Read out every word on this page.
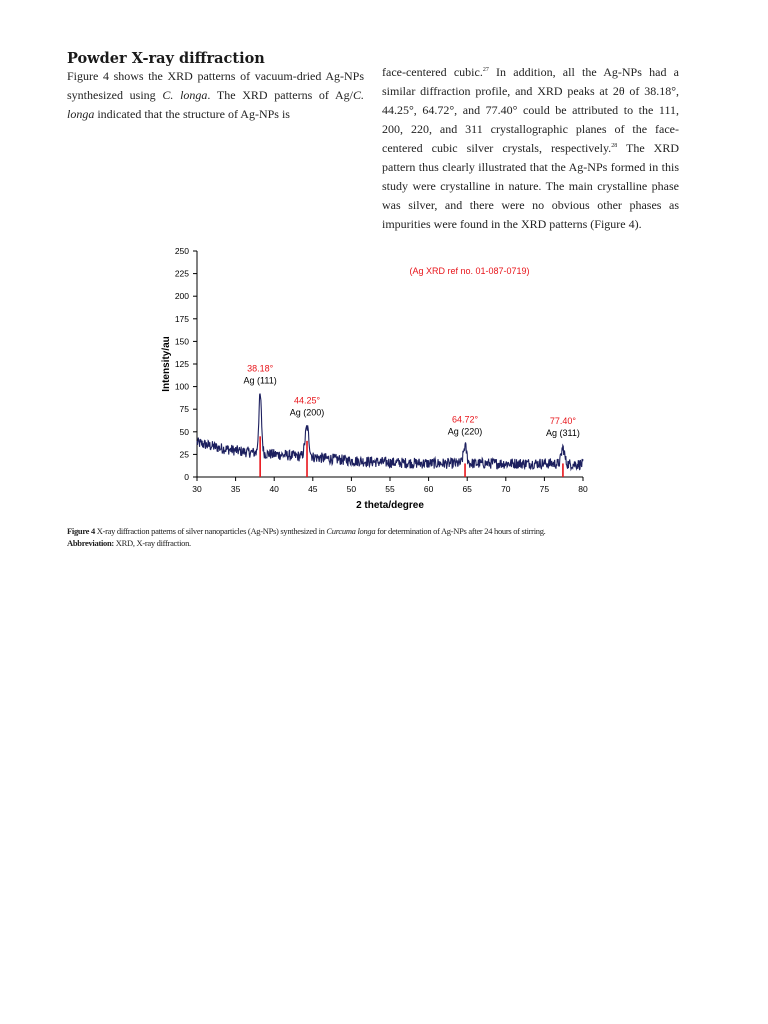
Powder X-ray diffraction
Figure 4 shows the XRD patterns of vacuum-dried Ag-NPs synthesized using C. longa. The XRD patterns of Ag/C. longa indicated that the structure of Ag-NPs is
face-centered cubic.$^{27}$ In addition, all the Ag-NPs had a similar diffraction profile, and XRD peaks at 2θ of 38.18°, 44.25°, 64.72°, and 77.40° could be attributed to the 111, 200, 220, and 311 crystallographic planes of the face-centered cubic silver crystals, respectively.$^{28}$ The XRD pattern thus clearly illustrated that the Ag-NPs formed in this study were crystalline in nature. The main crystalline phase was silver, and there were no obvious other phases as impurities were found in the XRD patterns (Figure 4).
0
25
50
75
100
125
150
175
200
225
250
30	35	40	45	50	55	60	65	70	75	80
2 theta/degree
Intensity/au
(Ag XRD ref no. 01-087-0719)
38.18°
Ag (111)
44.25°
Ag (200)
64.72°
Ag (220)
77.40°
Ag (311)
Figure 4 X-ray diffraction patterns of silver nanoparticles (Ag-NPs) synthesized in Curcuma longa for determination of Ag-NPs after 24 hours of stirring.
Abbreviation: XRD, X-ray diffraction.
